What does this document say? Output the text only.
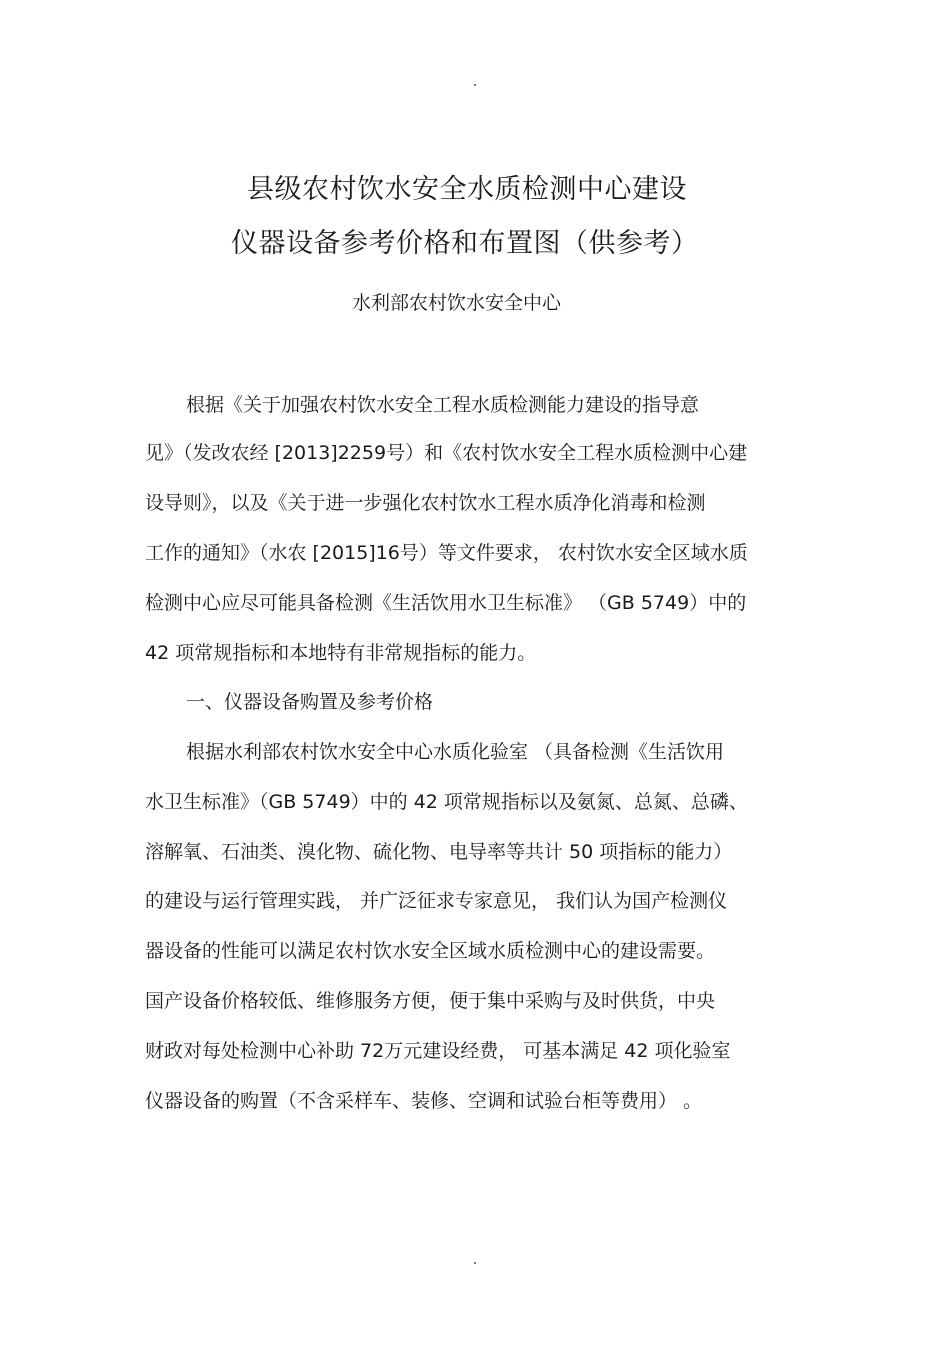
县级农村饮水安全水质检测中心建设
仪器设备参考价格和布置图（供参考）
水利部农村饮水安全中心
根据《关于加强农村饮水安全工程水质检测能力建设的指导意
见》（发改农经 [2013]2259号）和《农村饮水安全工程水质检测中心建
设导则》，以及《关于进一步强化农村饮水工程水质净化消毒和检测
工作的通知》（水农 [2015]16号）等文件要求， 农村饮水安全区域水质
检测中心应尽可能具备检测《生活饮用水卫生标准》 （GB 5749）中的
42 项常规指标和本地特有非常规指标的能力。
一、仪器设备购置及参考价格
根据水利部农村饮水安全中心水质化验室 （具备检测《生活饮用
水卫生标准》（GB 5749）中的 42 项常规指标以及氨氮、总氮、总磷、
溶解氧、石油类、溴化物、硫化物、电导率等共计 50 项指标的能力）
的建设与运行管理实践， 并广泛征求专家意见， 我们认为国产检测仪
器设备的性能可以满足农村饮水安全区域水质检测中心的建设需要。
国产设备价格较低、维修服务方便，便于集中采购与及时供货，中央
财政对每处检测中心补助 72万元建设经费， 可基本满足 42 项化验室
仪器设备的购置（不含采样车、装修、空调和试验台柜等费用） 。
